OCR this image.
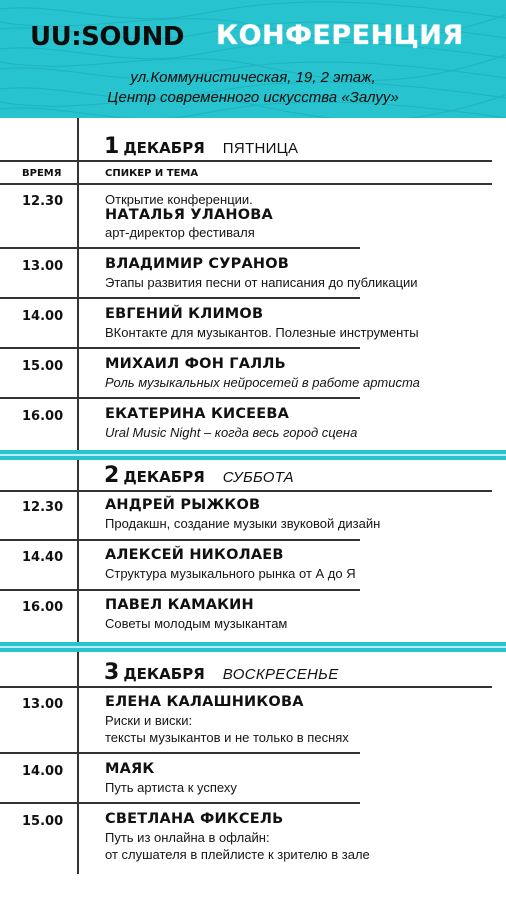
UU:SOUND КОНФЕРЕНЦИЯ
ул.Коммунистическая, 19, 2 этаж,
Центр современного искусства «Залуу»
1 ДЕКАБРЯ ПЯТНИЦА
ВРЕМЯ	СПИКЕР И ТЕМА
12.30	Открытие конференции.
НАТАЛЬЯ УЛАНОВА
арт-директор фестиваля
13.00	ВЛАДИМИР СУРАНОВ
Этапы развития песни от написания до публикации
14.00	ЕВГЕНИЙ КЛИМОВ
ВКонтакте для музыкантов. Полезные инструменты
15.00	МИХАИЛ ФОН ГАЛЛЬ
Роль музыкальных нейросетей в работе артиста
16.00	ЕКАТЕРИНА КИСЕЕВА
Ural Music Night – когда весь город сцена
2 ДЕКАБРЯ СУББОТА
12.30	АНДРЕЙ РЫЖКОВ
Продакшн, создание музыки звуковой дизайн
14.40	АЛЕКСЕЙ НИКОЛАЕВ
Структура музыкального рынка от А до Я
16.00	ПАВЕЛ КАМАКИН
Советы молодым музыкантам
3 ДЕКАБРЯ ВОСКРЕСЕНЬЕ
13.00	ЕЛЕНА КАЛАШНИКОВА
Риски и виски:
тексты музыкантов и не только в песнях
14.00	МАЯК
Путь артиста к успеху
15.00	СВЕТЛАНА ФИКСЕЛЬ
Путь из онлайна в офлайн:
от слушателя в плейлисте к зрителю в зале
